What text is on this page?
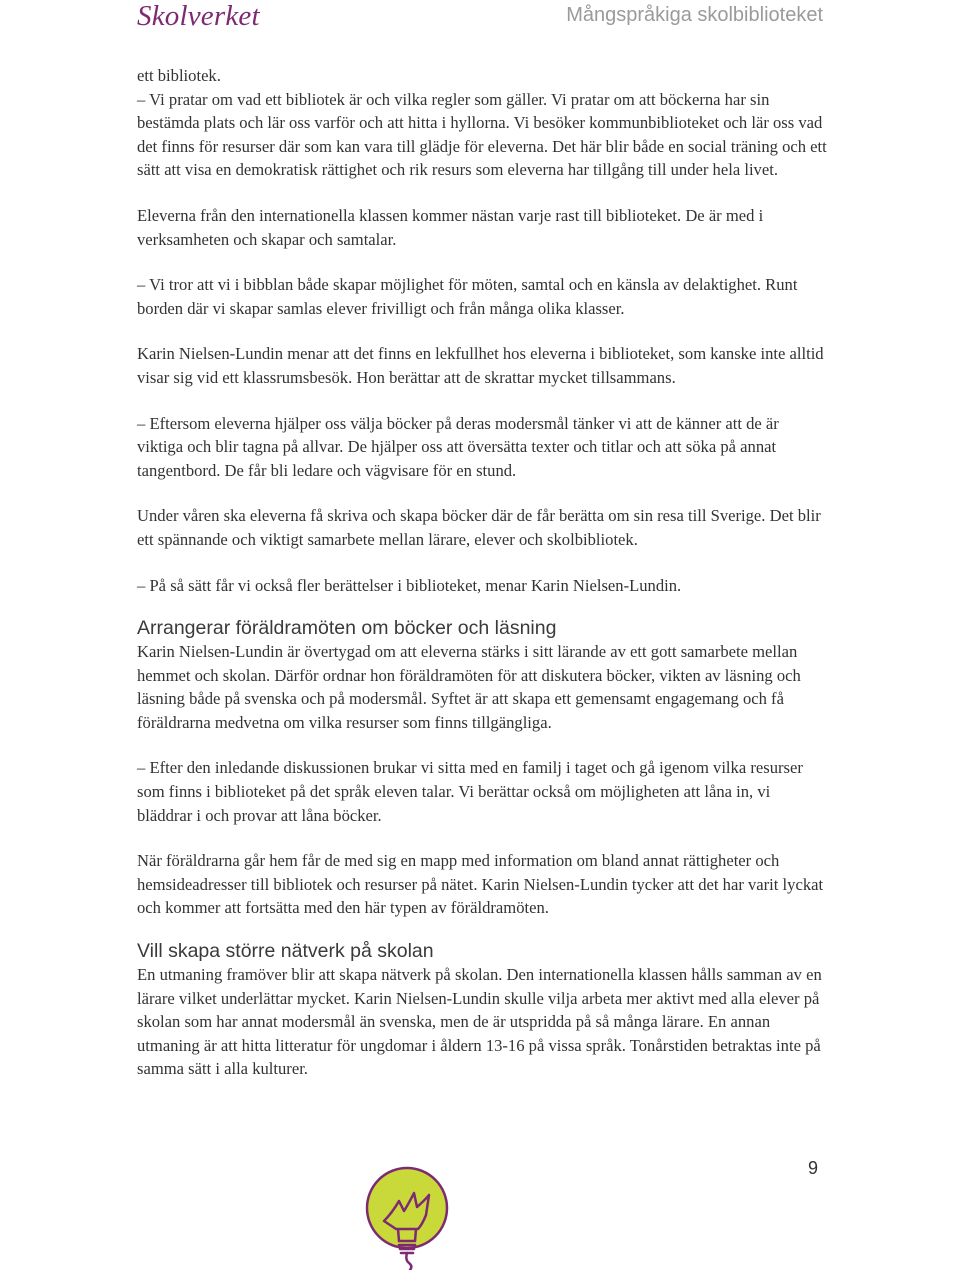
Skolverket	Mångspråkiga skolbiblioteket

ett bibliotek.

– Vi pratar om vad ett bibliotek är och vilka regler som gäller. Vi pratar om att böckerna har sin bestämda plats och lär oss varför och att hitta i hyllorna. Vi besöker kommunbiblioteket och lär oss vad det finns för resurser där som kan vara till glädje för eleverna. Det här blir både en social träning och ett sätt att visa en demokratisk rättighet och rik resurs som eleverna har tillgång till under hela livet.

Eleverna från den internationella klassen kommer nästan varje rast till biblioteket. De är med i verksamheten och skapar och samtalar.

– Vi tror att vi i bibblan både skapar möjlighet för möten, samtal och en känsla av delaktighet. Runt borden där vi skapar samlas elever frivilligt och från många olika klasser.

Karin Nielsen-Lundin menar att det finns en lekfullhet hos eleverna i biblioteket, som kanske inte alltid visar sig vid ett klassrumsbesök. Hon berättar att de skrattar mycket tillsammans.

– Eftersom eleverna hjälper oss välja böcker på deras modersmål tänker vi att de känner att de är viktiga och blir tagna på allvar. De hjälper oss att översätta texter och titlar och att söka på annat tangentbord. De får bli ledare och vägvisare för en stund.

Under våren ska eleverna få skriva och skapa böcker där de får berätta om sin resa till Sverige. Det blir ett spännande och viktigt samarbete mellan lärare, elever och skolbibliotek.

– På så sätt får vi också fler berättelser i biblioteket, menar Karin Nielsen-Lundin.

Arrangerar föräldramöten om böcker och läsning

Karin Nielsen-Lundin är övertygad om att eleverna stärks i sitt lärande av ett gott samarbete mellan hemmet och skolan. Därför ordnar hon föräldramöten för att diskutera böcker, vikten av läsning och läsning både på svenska och på modersmål. Syftet är att skapa ett gemensamt engagemang och få föräldrarna medvetna om vilka resurser som finns tillgängliga.

– Efter den inledande diskussionen brukar vi sitta med en familj i taget och gå igenom vilka resurser som finns i biblioteket på det språk eleven talar. Vi berättar också om möjligheten att låna in, vi bläddrar i och provar att låna böcker.

När föräldrarna går hem får de med sig en mapp med information om bland annat rättigheter och hemsideadresser till bibliotek och resurser på nätet. Karin Nielsen-Lundin tycker att det har varit lyckat och kommer att fortsätta med den här typen av föräldramöten.

Vill skapa större nätverk på skolan

En utmaning framöver blir att skapa nätverk på skolan. Den internationella klassen hålls samman av en lärare vilket underlättar mycket. Karin Nielsen-Lundin skulle vilja arbeta mer aktivt med alla elever på skolan som har annat modersmål än svenska, men de är utspridda på så många lärare. En annan utmaning är att hitta litteratur för ungdomar i åldern 13-16 på vissa språk. Tonårstiden betraktas inte på samma sätt i alla kulturer.

9
